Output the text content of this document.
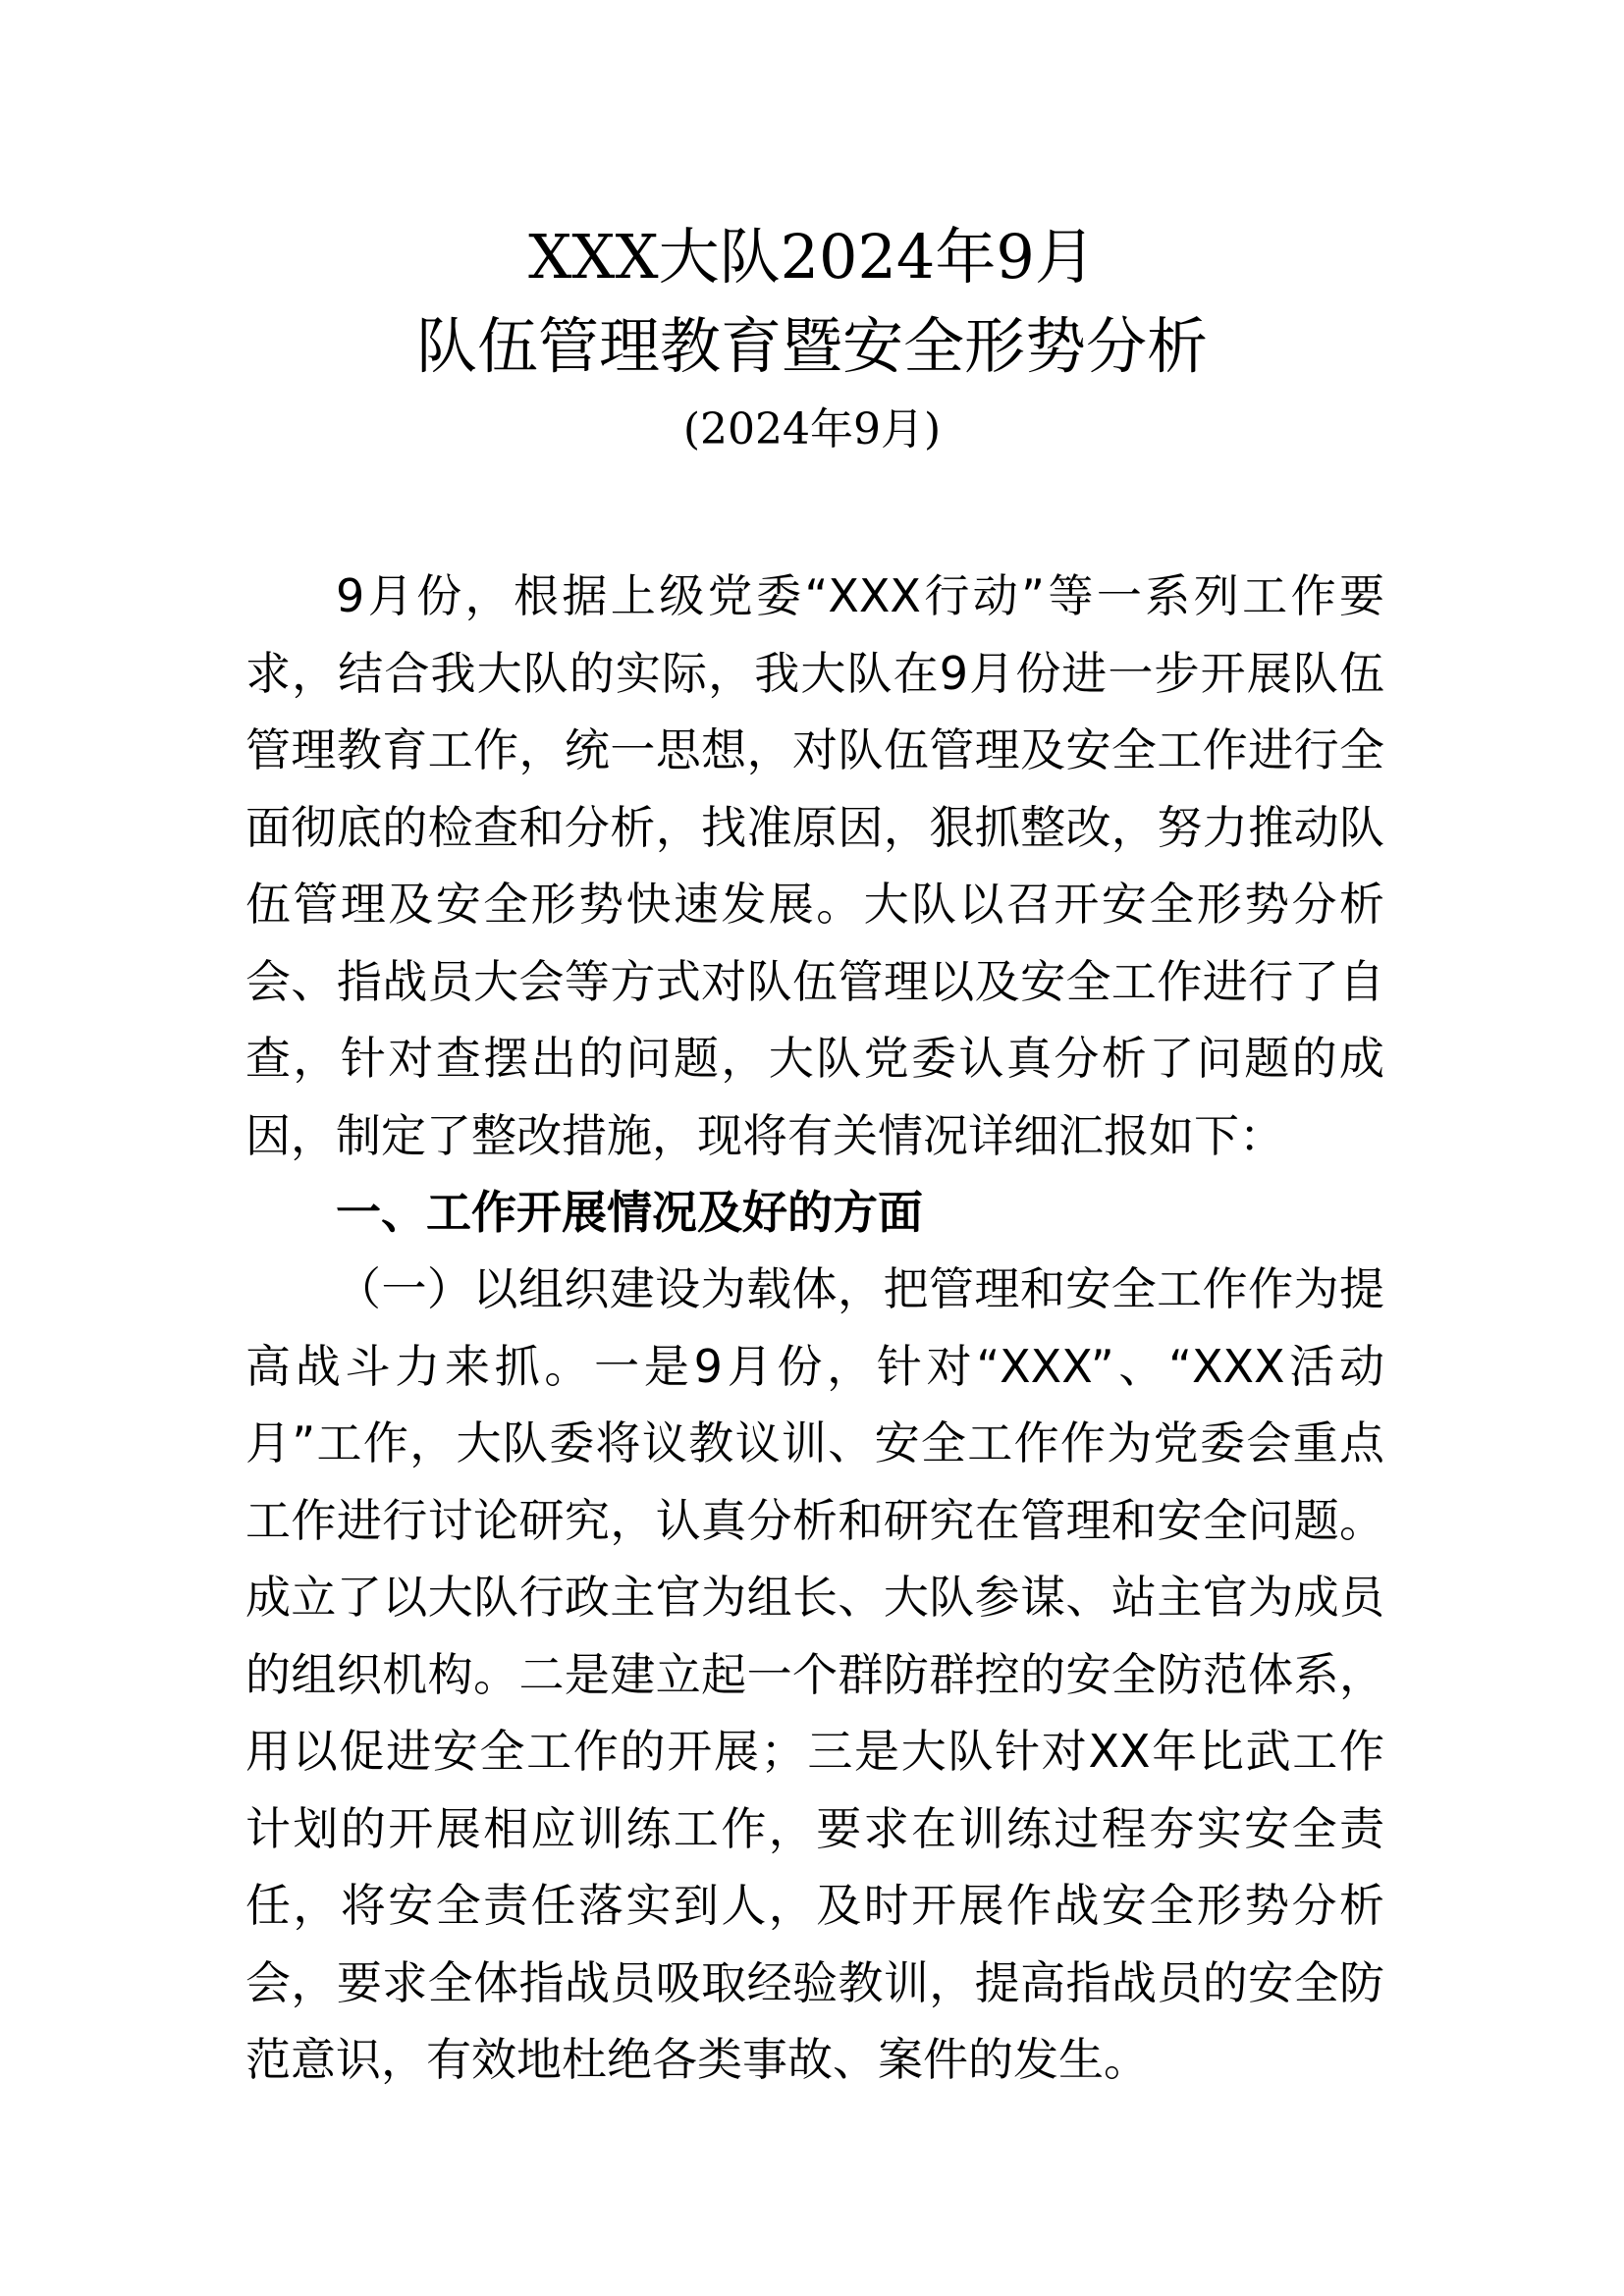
XXX大队2024年9月
队伍管理教育暨安全形势分析
(2024年9月)

9月份，根据上级党委“XXX行动”等一系列工作要求，结合我大队的实际，我大队在9月份进一步开展队伍管理教育工作，统一思想，对队伍管理及安全工作进行全面彻底的检查和分析，找准原因，狠抓整改，努力推动队伍管理及安全形势快速发展。大队以召开安全形势分析会、指战员大会等方式对队伍管理以及安全工作进行了自查，针对查摆出的问题，大队党委认真分析了问题的成因，制定了整改措施，现将有关情况详细汇报如下：

一、工作开展情况及好的方面

（一）以组织建设为载体，把管理和安全工作作为提高战斗力来抓。一是9月份，针对“XXX”、“XXX活动月”工作，大队委将议教议训、安全工作作为党委会重点工作进行讨论研究，认真分析和研究在管理和安全问题。成立了以大队行政主官为组长、大队参谋、站主官为成员的组织机构。二是建立起一个群防群控的安全防范体系，用以促进安全工作的开展；三是大队针对XX年比武工作计划的开展相应训练工作，要求在训练过程夯实安全责任，将安全责任落实到人，及时开展作战安全形势分析会，要求全体指战员吸取经验教训，提高指战员的安全防范意识，有效地杜绝各类事故、案件的发生。
